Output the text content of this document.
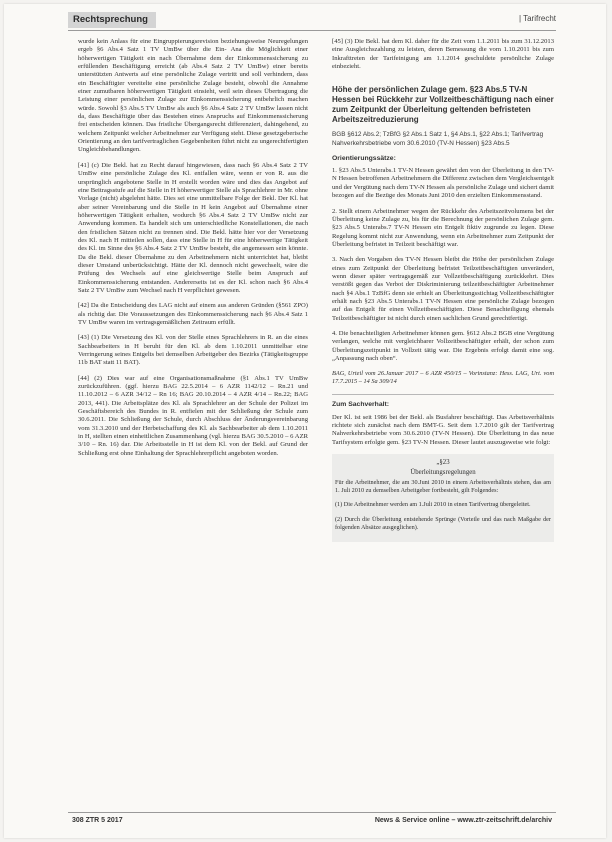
Rechtsprechung	| Tarifrecht

wurde kein Anlass für eine Eingruppierungsrevision beziehungsweise Neuregelungen ergeb §6 Abs.4 Satz 1 TV UmBw über die Ein- Ana die Möglichkeit einer höherwertigen Tätigkeit ein nach Übernahme dem der Einkommenssicherung zu erfüllenden Beschäftigung erreicht (ab Abs.4 Satz 2 TV UmBw) einer bereits unterstützten Antwerts auf eine persönliche Zulage vertritt und soll verhindern, dass ein Beschäftigter vereitelte eine persönliche Zulage besteht, obwohl die Annahme einer zumutbaren höherwertigen Tätigkeit einsieht, weil sein dieses Übertragung die Leistung einer persönlichen Zulage zur Einkommenssicherung entbehrlich machen würde. Sowohl §3 Abs.5 TV UmBw als auch §6 Abs.4 Satz 2 TV UmBw lassen nicht da, dass Beschäftigte über das Bestehen eines Anspruchs auf Einkommenssicherung frei entscheiden können. Das fristliche Übergangsrecht differenziert, dahingehend, zu welchem Zeitpunkt welcher Arbeitnehmer zur Verfügung steht. Diese gesetzgeberische Orientierung an den tarifvertraglichen Gegebenheiten führt nicht zu ungerechtfertigten Ungleichbehandlungen.

[41] (c) Die Bekl. hat zu Recht darauf hingewiesen, dass nach §6 Abs.4 Satz 2 TV UmBw eine persönliche Zulage des Kl. entfallen wäre, wenn er von R. aus die ursprünglich angebotene Stelle in H erstellt worden wäre und dies das Angebot auf eine Beitragsstufe auf die Stelle in H höherwertiger Stelle als Sprachlehrer in Mr. ohne Vorlage (nicht) abgelehnt hätte. Dies sei eine unmittelbare Folge der Bekl. Der Kl. hat aber seiner Vereinbarung und die Stelle in H kein Angebot auf Übernahme einer höherwertigen Tätigkeit erhalten, wodurch §6 Abs.4 Satz 2 TV UmBw nicht zur Anwendung kommen. Es handelt sich um unterschiedliche Konstellationen, die nach den fristlichen Sätzen nicht zu trennen sind. Die Bekl. hätte hier vor der Versetzung des Kl. nach H mitteilen sollen, dass eine Stelle in H für eine höherwertige Tätigkeit des Kl. im Sinne des §6 Abs.4 Satz 2 TV UmBw besteht, die angemessen sein könnte. Da die Bekl. dieser Übernahme zu den Arbeitnehmern nicht unterrichtet hat, bleibt dieser Umstand unberücksichtigt. Hätte der Kl. dennoch nicht gewechselt, wäre die Prüfung des Wechsels auf eine gleichwertige Stelle beim Anspruch auf Einkommenssicherung entstanden. Andererseits ist es der Kl. schon nach §6 Abs.4 Satz 2 TV UmBw zum Wechsel nach H verpflichtet gewesen.

[42] Da die Entscheidung des LAG nicht auf einem aus anderen Gründen (§561 ZPO) als richtig dar. Die Voraussetzungen des Einkommenssicherung nach §6 Abs.4 Satz 1 TV UmBw waren im vertragsgemäßlichen Zeitraum erfüllt.

[43] (1) Die Versetzung des Kl. von der Stelle eines Sprachlehrers in R. an die eines Sachbearbeiters in H beruht für den Kl. ab dem 1.10.2011 unmittelbar eine Verringerung seines Entgelts bei demselben Arbeitgeber des Bezirks (Tätigkeitsgruppe 11b BAT statt 11 BAT).

[44] (2) Dies war auf eine Organisationsmaßnahme (§1 Abs.1 TV UmBw zurückzuführen. (ggf. hierzu BAG 22.5.2014 – 6 AZR 1142/12 – Rn.21 und 11.10.2012 – 6 AZR 34/12 – Rn 16; BAG 20.10.2014 – 4 AZR 4/14 – Rn.22; BAG 2013, 441). Die Arbeitsplätze des Kl. als Sprachlehrer an der Schule der Polizei im Geschäftsbereich des Bundes in R. entfielen mit der Schließung der Schule zum 30.6.2011. Die Schließung der Schule, durch Abschluss der Änderungsvereinbarung vom 31.3.2010 und der Herbeischaffung des Kl. als Sachbearbeiter ab dem 1.10.2011 in H, stellten einen einheitlichen Zusammenhang (vgl. hierzu BAG 30.5.2010 – 6 AZR 3/10 – Rn. 16) dar. Die Arbeitsstelle in H ist dem Kl. von der Bekl. auf Grund der Schließung erst ohne Einhaltung der Sprachlehrerpflicht angeboten worden.

[45] (3) Die Bekl. hat dem Kl. daher für die Zeit vom 1.1.2011 bis zum 31.12.2013 eine Ausgleichszahlung zu leisten, deren Bemessung die vom 1.10.2011 bis zum Inkrafttreten der Tarifeinigung am 1.1.2014 geschuldete persönliche Zulage einbezieht.

Höhe der persönlichen Zulage gem. §23 Abs.5 TV-N Hessen bei Rückkehr zur Vollzeitbeschäftigung nach einer zum Zeitpunkt der Überleitung geltenden befristeten Arbeitszeitreduzierung
BGB §612 Abs.2; TzBfG §2 Abs.1 Satz 1, §4 Abs.1, §22 Abs.1; Tarifvertrag Nahverkehrsbetriebe vom 30.6.2010 (TV-N Hessen) §23 Abs.5
Orientierungssätze:

1. §23 Abs.5 Unterabs.1 TV-N Hessen gewährt den von der Überleitung in den TV-N Hessen betroffenen Arbeitnehmern die Differenz zwischen dem Vergleichsentgelt und der Vergütung nach dem TV-N Hessen als persönliche Zulage und sichert damit bezogen auf die Bezüge des Monats Juni 2010 den erzielten Einkommensstand.

2. Stellt einem Arbeitnehmer wegen der Rückkehr des Arbeitszeitvolumens bei der Überleitung keine Zulage zu, bis für die Berechnung der persönlichen Zulage gem. §23 Abs.5 Unterabs.7 TV-N Hessen ein Entgelt fiktiv zugrunde zu legen. Diese Regelung kommt nicht zur Anwendung, wenn ein Arbeitnehmer zum Zeitpunkt der Überleitung befristet in Teilzeit beschäftigt war.

3. Nach den Vorgaben des TV-N Hessen bleibt die Höhe der persönlichen Zulage eines zum Zeitpunkt der Überleitung befristet Teilzeitbeschäftigten unverändert, wenn dieser später vertragsgemäß zur Vollzeitbeschäftigung zurückkehrt. Dies verstößt gegen das Verbot der Diskriminierung teilzeitbeschäftigter Arbeitnehmer nach §4 Abs.1 TzBfG denn sie erhielt an Überleitungsstichtag Vollzeitbeschäftigter erhält nach §23 Abs.5 Unterabs.1 TV-N Hessen eine persönliche Zulage bezogen auf das Entgelt für einen Vollzeitbeschäftigten. Diese Benachteiligung ehemals Teilzeitbeschäftigter ist nicht durch einen sachlichen Grund gerechtfertigt.

4. Die benachteiligten Arbeitnehmer können gem. §612 Abs.2 BGB eine Vergütung verlangen, welche mit vergleichbarer Vollzeitbeschäftigter erhält, der schon zum Überleitungszeitpunkt in Vollzeit tätig war. Die Ergebnis erfolgt damit eine sog. „Anpassung nach oben“.

BAG, Urteil vom 26.Januar 2017 – 6 AZR 450/15 – Vorinstanz: Hess. LAG, Urt. vom 17.7.2015 – 14 Sa 309/14
Zum Sachverhalt:

Der Kl. ist seit 1986 bei der Bekl. als Busfahrer beschäftigt. Das Arbeitsverhältnis richtete sich zunächst nach dem BMT-G. Seit dem 1.7.2010 gilt der Tarifvertrag Nahverkehrsbetriebe vom 30.6.2010 (TV-N Hessen). Die Überleitung in das neue Tarifsystem erfolgte gem. §23 TV-N Hessen. Dieser lautet auszugsweise wie folgt:

„§23
Überleitungsregelungen

Für die Arbeitnehmer, die am 30.Juni 2010 in einem Arbeitsverhältnis stehen, das am 1. Juli 2010 zu demselben Arbeitgeber fortbesteht, gilt Folgendes:

(1) Die Arbeitnehmer werden am 1.Juli 2010 in einen Tarifvertrag übergeleitet.

(2) Durch die Überleitung entstehende Sprünge (Vorteile und das nach Maßgabe der folgenden Absätze ausgeglichen).

308 ZTR 5 2017	News & Service online – www.ztr-zeitschrift.de/archiv
